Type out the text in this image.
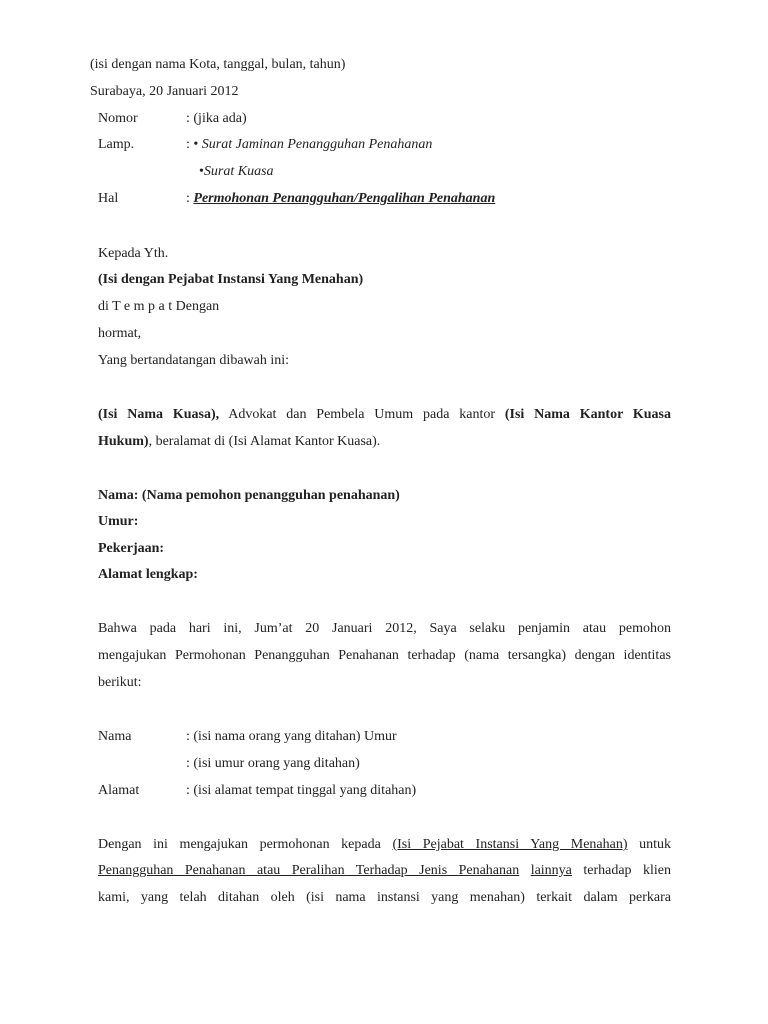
(isi dengan nama Kota, tanggal, bulan, tahun)
Surabaya, 20 Januari 2012
Nomor	: (jika ada)
Lamp.	: • Surat Jaminan Penangguhan Penahanan
•Surat Kuasa
Hal	: Permohonan Penangguhan/Pengalihan Penahanan
Kepada Yth.
(Isi dengan Pejabat Instansi Yang Menahan)
di T e m p a t Dengan
hormat,
Yang bertandatangan dibawah ini:
(Isi Nama Kuasa), Advokat dan Pembela Umum pada kantor (Isi Nama Kantor Kuasa
Hukum), beralamat di (Isi Alamat Kantor Kuasa).
Nama: (Nama pemohon penangguhan penahanan)
Umur:
Pekerjaan:
Alamat lengkap:
Bahwa pada hari ini, Jum’at 20 Januari 2012, Saya selaku penjamin atau pemohon
mengajukan Permohonan Penangguhan Penahanan terhadap (nama tersangka) dengan identitas
berikut:
Nama	: (isi nama orang yang ditahan) Umur
: (isi umur orang yang ditahan)
Alamat	: (isi alamat tempat tinggal yang ditahan)
Dengan ini mengajukan permohonan kepada (Isi Pejabat Instansi Yang Menahan) untuk
Penangguhan Penahanan atau Peralihan Terhadap Jenis Penahanan lainnya terhadap klien
kami, yang telah ditahan oleh (isi nama instansi yang menahan) terkait dalam perkara
